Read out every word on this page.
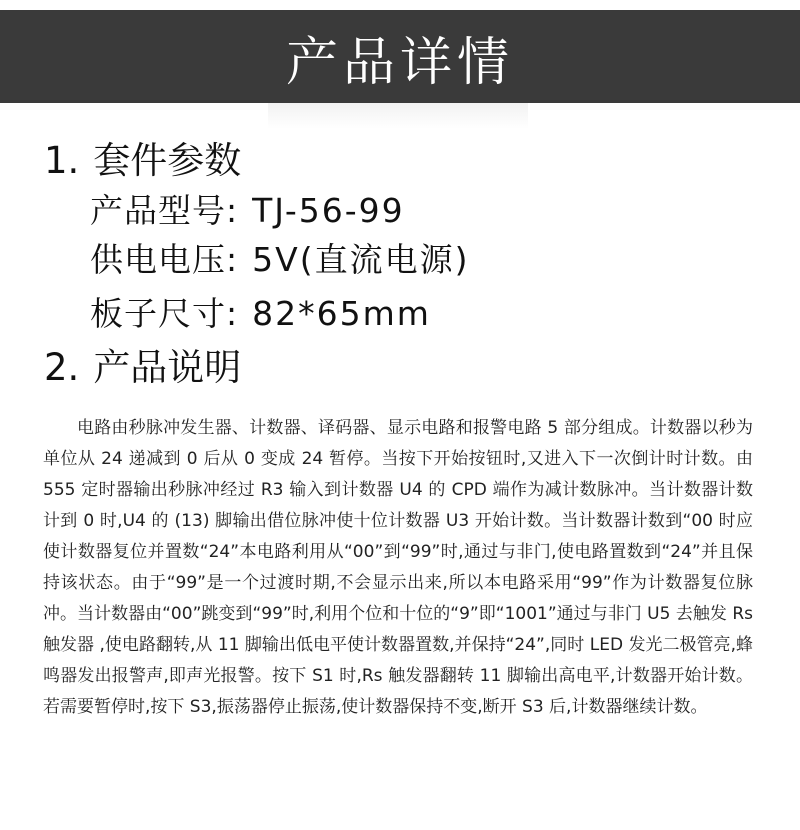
产品详情
1. 套件参数
产品型号: TJ-56-99
供电电压: 5V(直流电源)
板子尺寸: 82*65mm
2. 产品说明

电路由秒脉冲发生器、计数器、译码器、显示电路和报警电路 5 部分组成。计数器以秒为单位从 24 递减到 0 后从 0 变成 24 暂停。当按下开始按钮时,又进入下一次倒计时计数。由 555 定时器输出秒脉冲经过 R3 输入到计数器 U4 的 CPD 端作为减计数脉冲。当计数器计数计到 0 时,U4 的 (13) 脚输出借位脉冲使十位计数器 U3 开始计数。当计数器计数到“00 时应使计数器复位并置数“24”本电路利用从“00”到“99”时,通过与非门,使电路置数到“24”并且保持该状态。由于“99”是一个过渡时期,不会显示出来,所以本电路采用“99”作为计数器复位脉冲。当计数器由“00”跳变到“99”时,利用个位和十位的“9”即“1001”通过与非门 U5 去触发 Rs 触发器 ,使电路翻转,从 11 脚输出低电平使计数器置数,并保持“24”,同时 LED 发光二极管亮,蜂鸣器发出报警声,即声光报警。按下 S1 时,Rs 触发器翻转 11 脚输出高电平,计数器开始计数。若需要暂停时,按下 S3,振荡器停止振荡,使计数器保持不变,断开 S3 后,计数器继续计数。
